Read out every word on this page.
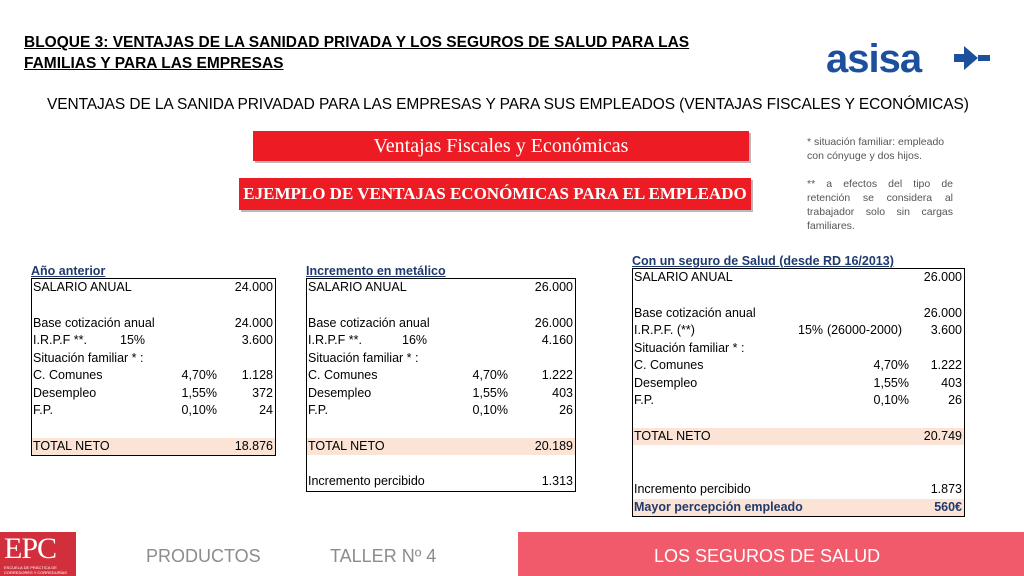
BLOQUE 3: VENTAJAS DE LA SANIDAD PRIVADA Y LOS SEGUROS DE SALUD PARA LAS
FAMILIAS Y PARA LAS EMPRESAS	asisa
VENTAJAS DE LA SANIDA PRIVADAD PARA LAS EMPRESAS Y PARA SUS EMPLEADOS (VENTAJAS FISCALES Y ECONÓMICAS)
Ventajas Fiscales y Económicas
EJEMPLO DE VENTAJAS ECONÓMICAS PARA EL EMPLEADO
* situación familiar: empleado con cónyuge y dos hijos.
** a efectos del tipo de retención se considera al trabajador solo sin cargas familiares.
Año anterior
SALARIO ANUAL	24.000
Base cotización anual	24.000
I.R.P.F **.	15%	3.600
Situación familiar * :
C. Comunes	4,70% 1.128
Desempleo	1,55%	372
F.P.	0,10%	24
TOTAL NETO	18.876
Incremento en metálico
SALARIO ANUAL	26.000
Base cotización anual	26.000
I.R.P.F **.	16%	4.160
Situación familiar * :
C. Comunes	4,70%	1.222
Desempleo	1,55%	403
F.P.	0,10%	26
TOTAL NETO	20.189
Incremento percibido	1.313
Con un seguro de Salud (desde RD 16/2013)
SALARIO ANUAL	26.000
Base cotización anual	26.000
I.R.P.F. (**)	15% (26000-2000) 3.600
Situación familiar * :
C. Comunes	4,70% 1.222
Desempleo	1,55%	403
F.P.	0,10%	26
TOTAL NETO	20.749
Incremento percibido	1.873
Mayor percepción empleado	560€
EPC
ESCUELA DE PRÁCTICA DE CORREDORES Y CORREDURÍAS
PRODUCTOS	TALLER Nº 4	LOS SEGUROS DE SALUD
